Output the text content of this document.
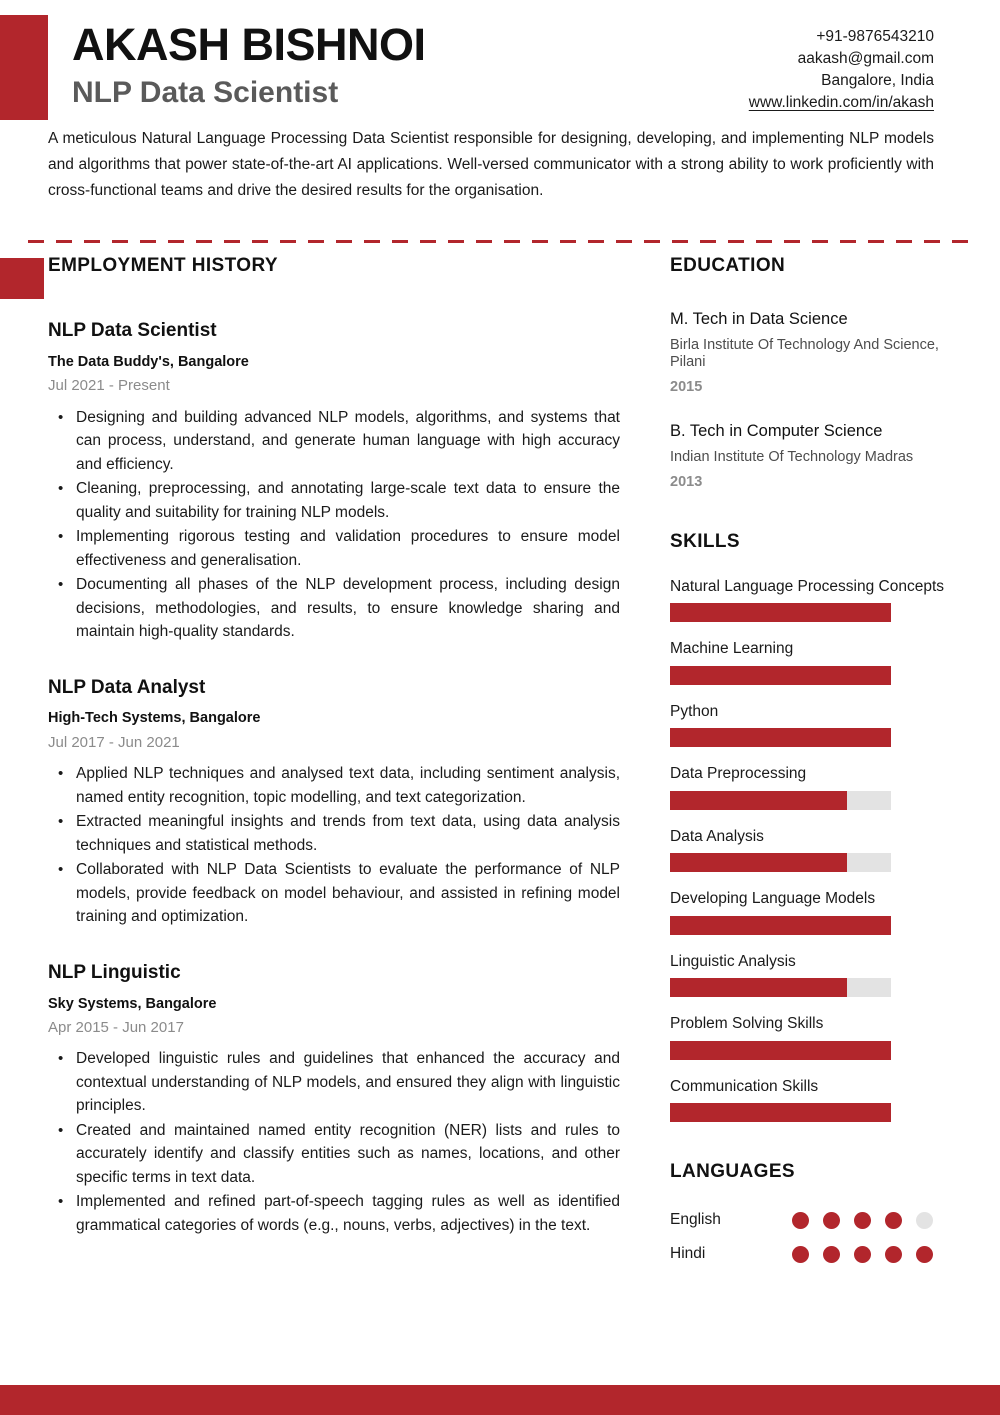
AKASH BISHNOI
NLP Data Scientist
+91-9876543210
aakash@gmail.com
Bangalore, India
www.linkedin.com/in/akash
A meticulous Natural Language Processing Data Scientist responsible for designing, developing, and implementing NLP models and algorithms that power state-of-the-art AI applications. Well-versed communicator with a strong ability to work proficiently with cross-functional teams and drive the desired results for the organisation.
EMPLOYMENT HISTORY
NLP Data Scientist
The Data Buddy's, Bangalore
Jul 2021 - Present
• Designing and building advanced NLP models, algorithms, and systems that can process, understand, and generate human language with high accuracy and efficiency.
• Cleaning, preprocessing, and annotating large-scale text data to ensure the quality and suitability for training NLP models.
• Implementing rigorous testing and validation procedures to ensure model effectiveness and generalisation.
• Documenting all phases of the NLP development process, including design decisions, methodologies, and results, to ensure knowledge sharing and maintain high-quality standards.
NLP Data Analyst
High-Tech Systems, Bangalore
Jul 2017 - Jun 2021
• Applied NLP techniques and analysed text data, including sentiment analysis, named entity recognition, topic modelling, and text categorization.
• Extracted meaningful insights and trends from text data, using data analysis techniques and statistical methods.
• Collaborated with NLP Data Scientists to evaluate the performance of NLP models, provide feedback on model behaviour, and assisted in refining model training and optimization.
NLP Linguistic
Sky Systems, Bangalore
Apr 2015 - Jun 2017
• Developed linguistic rules and guidelines that enhanced the accuracy and contextual understanding of NLP models, and ensured they align with linguistic principles.
• Created and maintained named entity recognition (NER) lists and rules to accurately identify and classify entities such as names, locations, and other specific terms in text data.
• Implemented and refined part-of-speech tagging rules as well as identified grammatical categories of words (e.g., nouns, verbs, adjectives) in the text.
EDUCATION
M. Tech in Data Science
Birla Institute Of Technology And Science, Pilani
2015
B. Tech in Computer Science
Indian Institute Of Technology Madras
2013
SKILLS
Natural Language Processing Concepts
Machine Learning
Python
Data Preprocessing
Data Analysis
Developing Language Models
Linguistic Analysis
Problem Solving Skills
Communication Skills
LANGUAGES
English
Hindi
